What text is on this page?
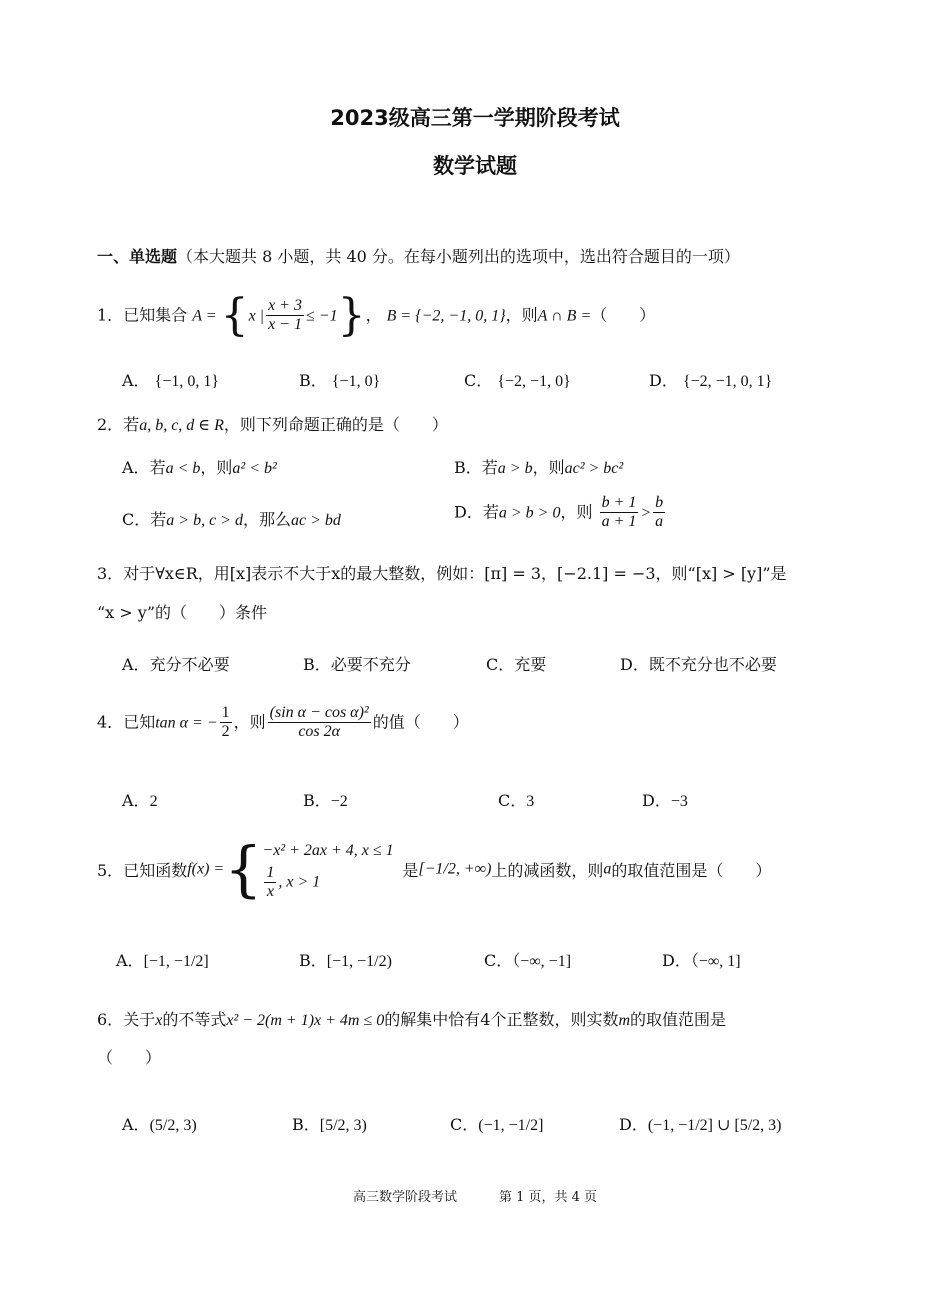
2023级高三第一学期阶段考试
数学试题
一、单选题（本大题共 8 小题，共 40 分。在每小题列出的选项中，选出符合题目的一项）
1．已知集合 A = {x | $\frac{x + 3}{x - 1} \le -1$}， B = {−2, −1, 0, 1}，则A ∩ B =（　　）
A． {−1, 0, 1}	B． {−1, 0}	C． {−2, −1, 0}	D． {−2, −1, 0, 1}
2．若a, b, c, d ∈ R，则下列命题正确的是（　　）
A．若a < b，则a² < b²	B．若a > b，则ac² > bc²
C．若a > b, c > d，那么ac > bd	D．若a > b > 0，则 $\frac{b + 1}{a + 1} > \frac{b}{a}$
3．对于∀x∈R，用[x]表示不大于x的最大整数，例如：[π] = 3，[−2.1] = −3，则“[x] > [y]”是
“x > y”的（　　）条件
A．充分不必要	B．必要不充分	C．充要	D．既不充分也不必要
4．已知tan α = − $\frac{1}{2}$ ，则 $\frac{\text{(sin α − cos α)²}}{\cos 2\alpha}$ 的值（　　）
A．2	B．−2	C．3	D．−3
5．已知函数f(x) ={ −x² + 2ax + 4, x ≤ 1
$\frac{1}{x}$ , x > 1
是[−1/2, +∞)上的减函数，则a的取值范围是（　　）
A．[−1, −1/2]	B．[−1, −1/2)	C．（−∞, −1]	D．（−∞, 1]
6．关于x的不等式x² − 2(m + 1)x + 4m ≤ 0的解集中恰有4个正整数，则实数m的取值范围是
（　　）
A．(5/2, 3)	B．[5/2, 3)	C．(−1, −1/2]	D．(−1, −1/2] ∪ [5/2, 3)
高三数学阶段考试	第 1 页，共 4 页
